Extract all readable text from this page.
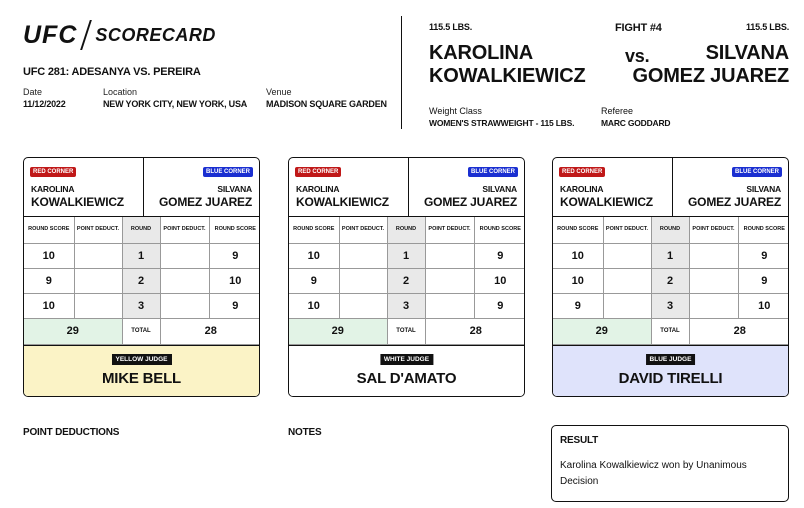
UFC SCORECARD
UFC 281: ADESANYA VS. PEREIRA
Date
11/12/2022
Location
NEW YORK CITY, NEW YORK, USA
Venue
MADISON SQUARE GARDEN
115.5 LBS.	FIGHT #4	115.5 LBS.
KAROLINA
KOWALKIEWICZ
vs.	SILVANA
GOMEZ JUAREZ
Weight Class
WOMEN'S STRAWWEIGHT - 115 LBS.
Referee
MARC GODDARD
RED CORNER	BLUE CORNER
KAROLINA
KOWALKIEWICZ
SILVANA
GOMEZ JUAREZ
ROUND SCORE	POINT DEDUCT.	ROUND	POINT DEDUCT.	ROUND SCORE
10		1		9
9		2		10
10		3		9
29		TOTAL	28	
YELLOW JUDGE
MIKE BELL
RED CORNER	BLUE CORNER
KAROLINA
KOWALKIEWICZ
SILVANA
GOMEZ JUAREZ
ROUND SCORE	POINT DEDUCT.	ROUND	POINT DEDUCT.	ROUND SCORE
10		1		9
9		2		10
10		3		9
29		TOTAL	28	
WHITE JUDGE
SAL D'AMATO
RED CORNER	BLUE CORNER
KAROLINA
KOWALKIEWICZ
SILVANA
GOMEZ JUAREZ
ROUND SCORE	POINT DEDUCT.	ROUND	POINT DEDUCT.	ROUND SCORE
10		1		9
10		2		9
9		3		10
29		TOTAL	28	
BLUE JUDGE
DAVID TIRELLI
POINT DEDUCTIONS	NOTES
RESULT
Karolina Kowalkiewicz won by Unanimous Decision
